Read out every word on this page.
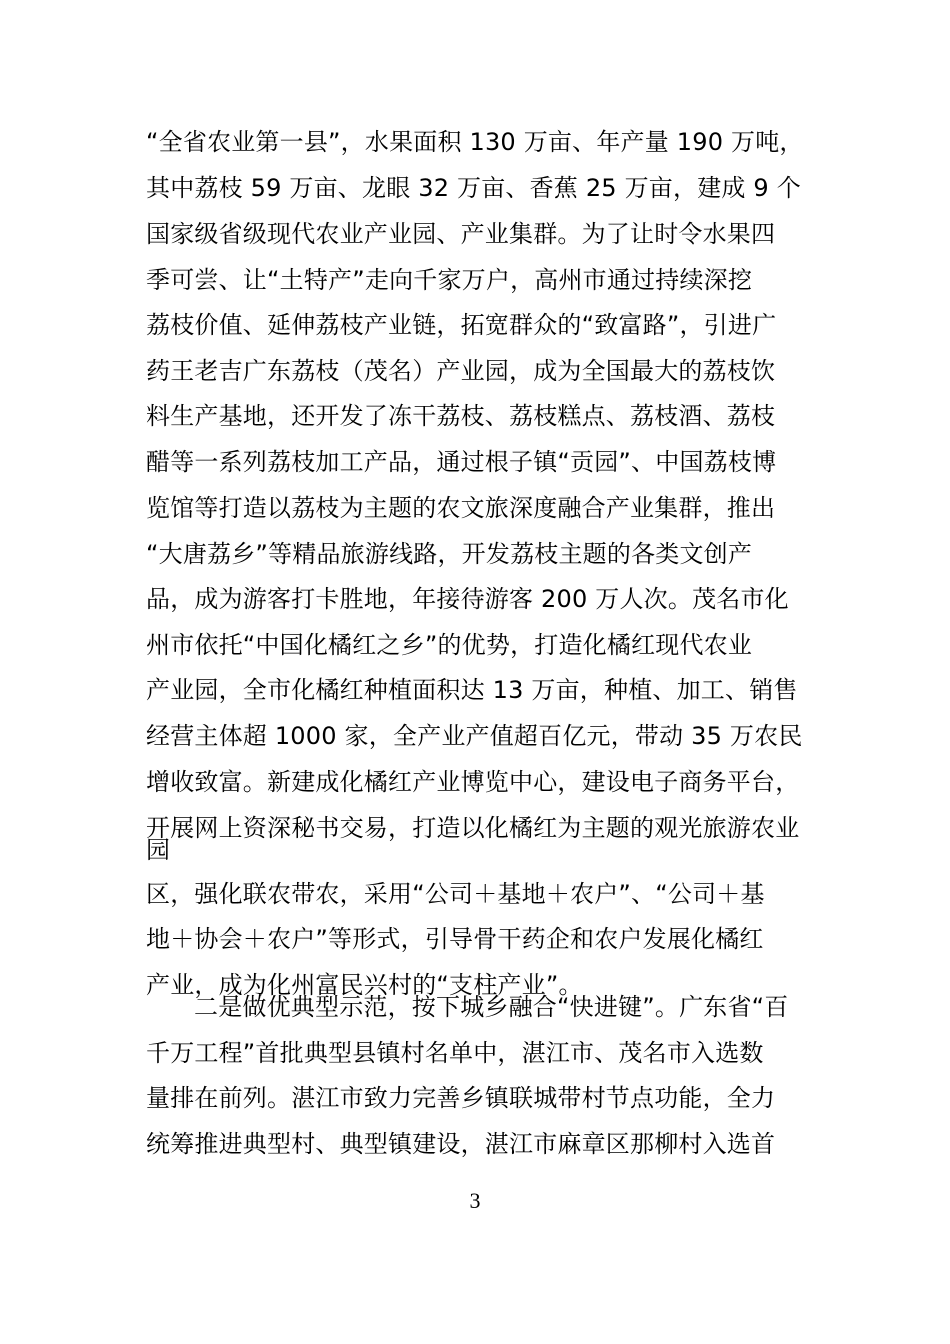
“全省农业第一县”，水果面积 130 万亩、年产量 190 万吨，
其中荔枝 59 万亩、龙眼 32 万亩、香蕉 25 万亩，建成 9 个
国家级省级现代农业产业园、产业集群。为了让时令水果四
季可尝、让“土特产”走向千家万户，高州市通过持续深挖
荔枝价值、延伸荔枝产业链，拓宽群众的“致富路”，引进广
药王老吉广东荔枝（茂名）产业园，成为全国最大的荔枝饮
料生产基地，还开发了冻干荔枝、荔枝糕点、荔枝酒、荔枝
醋等一系列荔枝加工产品，通过根子镇“贡园”、中国荔枝博
览馆等打造以荔枝为主题的农文旅深度融合产业集群，推出
“大唐荔乡”等精品旅游线路，开发荔枝主题的各类文创产
品，成为游客打卡胜地，年接待游客 200 万人次。茂名市化
州市依托“中国化橘红之乡”的优势，打造化橘红现代农业
产业园，全市化橘红种植面积达 13 万亩，种植、加工、销售
经营主体超 1000 家，全产业产值超百亿元，带动 35 万农民
增收致富。新建成化橘红产业博览中心，建设电子商务平台，
开展网上资深秘书交易，打造以化橘红为主题的观光旅游农业
园
区，强化联农带农，采用“公司＋基地＋农户”、“公司＋基
地＋协会＋农户”等形式，引导骨干药企和农户发展化橘红
产业，成为化州富民兴村的“支柱产业”。
二是做优典型示范，按下城乡融合“快进键”。广东省“百
千万工程”首批典型县镇村名单中，湛江市、茂名市入选数
量排在前列。湛江市致力完善乡镇联城带村节点功能，全力
统筹推进典型村、典型镇建设，湛江市麻章区那柳村入选首
3
